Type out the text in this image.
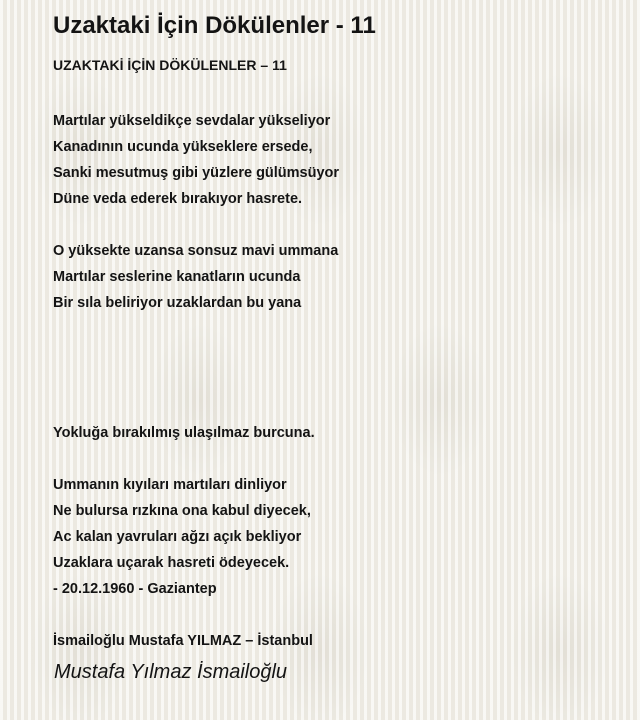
Uzaktaki İçin Dökülenler - 11
UZAKTAKİ İÇİN DÖKÜLENLER – 11
Martılar yükseldikçe sevdalar yükseliyor
Kanadının ucunda yükseklere ersede,
Sanki mesutmuş gibi yüzlere gülümsüyor
Düne veda ederek bırakıyor hasrete.
O yüksekte uzansa sonsuz mavi ummana
Martılar seslerine kanatların ucunda
Bir sıla beliriyor uzaklardan bu yana
Yokluğa bırakılmış ulaşılmaz burcuna.
Ummanın kıyıları martıları dinliyor
Ne bulursa rızkına ona kabul diyecek,
Ac kalan yavruları ağzı açık bekliyor
Uzaklara uçarak hasreti ödeyecek.
- 20.12.1960 - Gaziantep
İsmailoğlu Mustafa YILMAZ – İstanbul
Mustafa Yılmaz İsmailoğlu
